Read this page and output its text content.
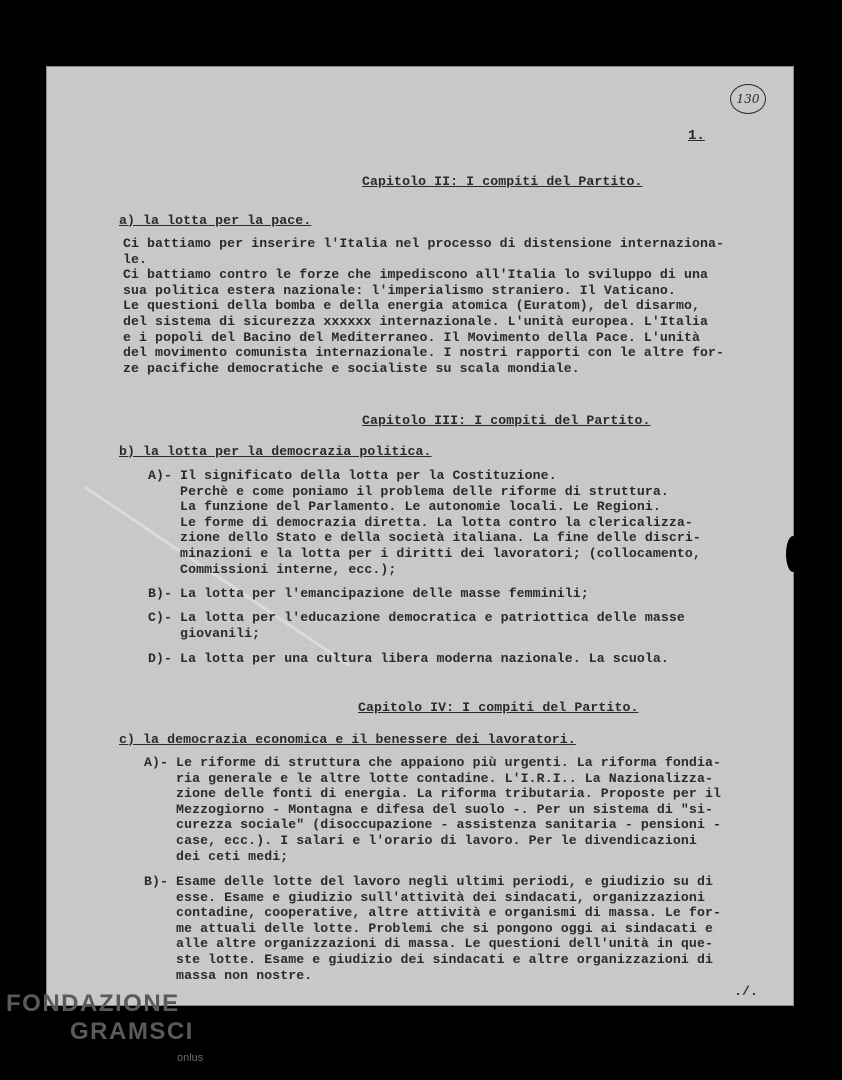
130
1.
Capitolo II: I compiti del Partito.
a) la lotta per la pace.
Ci battiamo per inserire l'Italia nel processo di distensione internaziona-
le.
Ci battiamo contro le forze che impediscono all'Italia lo sviluppo di una
sua politica estera nazionale: l'imperialismo straniero. Il Vaticano.
Le questioni della bomba e della energia atomica (Euratom), del disarmo,
del sistema di sicurezza xxxxxx internazionale. L'unità europea. L'Italia
e i popoli del Bacino del Mediterraneo. Il Movimento della Pace. L'unità
del movimento comunista internazionale. I nostri rapporti con le altre for-
ze pacifiche democratiche e socialiste su scala mondiale.
Capitolo III: I compiti del Partito.
b) la lotta per la democrazia politica.
A)- Il significato della lotta per la Costituzione.
Perchè e come poniamo il problema delle riforme di struttura.
La funzione del Parlamento. Le autonomie locali. Le Regioni.
Le forme di democrazia diretta. La lotta contro la clericalizza-
zione dello Stato e della società italiana. La fine delle discri-
minazioni e la lotta per i diritti dei lavoratori; (collocamento,
Commissioni interne, ecc.);
B)- La lotta per l'emancipazione delle masse femminili;
C)- La lotta per l'educazione democratica e patriottica delle masse
giovanili;
D)- La lotta per una cultura libera moderna nazionale. La scuola.
Capitolo IV: I compiti del Partito.
c) la democrazia economica e il benessere dei lavoratori.
A)- Le riforme di struttura che appaiono più urgenti. La riforma fondia-
ria generale e le altre lotte contadine. L'I.R.I.. La Nazionalizza-
zione delle fonti di energia. La riforma tributaria. Proposte per il
Mezzogiorno - Montagna e difesa del suolo -. Per un sistema di "si-
curezza sociale" (disoccupazione - assistenza sanitaria - pensioni -
case, ecc.). I salari e l'orario di lavoro. Per le divendicazioni
dei ceti medi;
B)- Esame delle lotte del lavoro negli ultimi periodi, e giudizio su di
esse. Esame e giudizio sull'attività dei sindacati, organizzazioni
contadine, cooperative, altre attività e organismi di massa. Le for-
me attuali delle lotte. Problemi che si pongono oggi ai sindacati e
alle altre organizzazioni di massa. Le questioni dell'unità in que-
ste lotte. Esame e giudizio dei sindacati e altre organizzazioni di
massa non nostre.
./.
FONDAZIONE
GRAMSCI
onlus
